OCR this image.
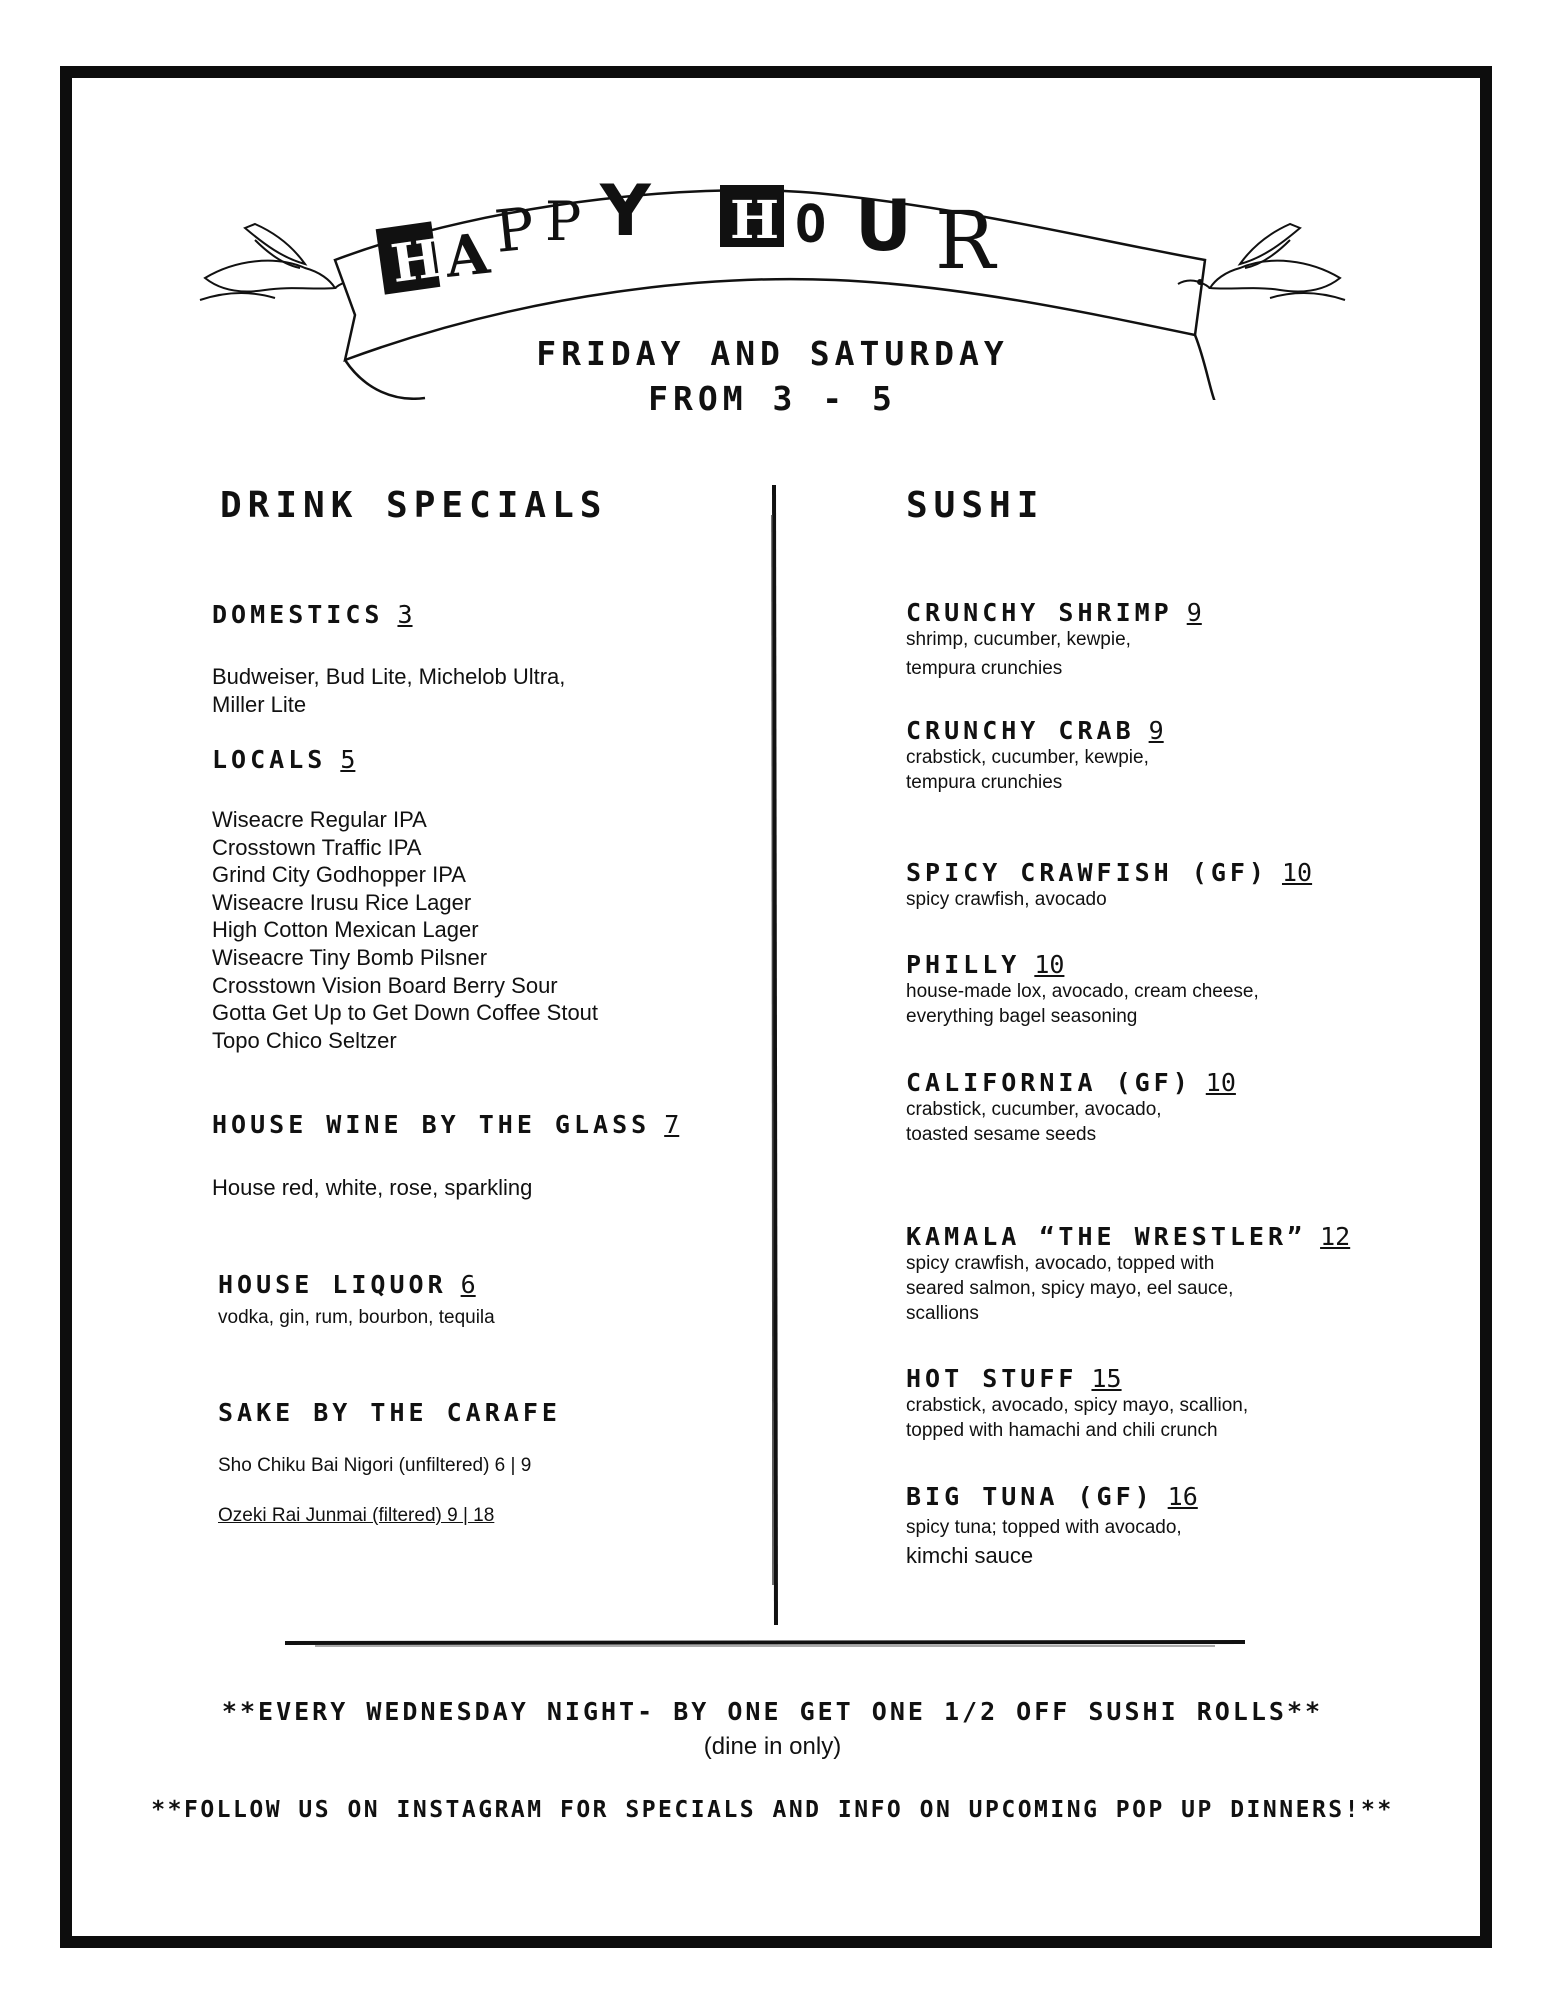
H
A P P Y H O U R
FRIDAY AND SATURDAY
FROM 3 - 5
DRINK SPECIALS
DOMESTICS 3
Budweiser, Bud Lite, Michelob Ultra,
Miller Lite
LOCALS 5
Wiseacre Regular IPA
Crosstown Traffic IPA
Grind City Godhopper IPA
Wiseacre Irusu Rice Lager
High Cotton Mexican Lager
Wiseacre Tiny Bomb Pilsner
Crosstown Vision Board Berry Sour
Gotta Get Up to Get Down Coffee Stout
Topo Chico Seltzer
HOUSE WINE BY THE GLASS 7
House red, white, rose, sparkling
HOUSE LIQUOR 6
vodka, gin, rum, bourbon, tequila
SAKE BY THE CARAFE
Sho Chiku Bai Nigori (unfiltered) 6 | 9
Ozeki Rai Junmai (filtered) 9 | 18
SUSHI
CRUNCHY SHRIMP 9
shrimp, cucumber, kewpie,
tempura crunchies
CRUNCHY CRAB 9
crabstick, cucumber, kewpie,
tempura crunchies
SPICY CRAWFISH (GF) 10
spicy crawfish, avocado
PHILLY 10
house-made lox, avocado, cream cheese,
everything bagel seasoning
CALIFORNIA (GF) 10
crabstick, cucumber, avocado,
toasted sesame seeds
KAMALA “THE WRESTLER” 12
spicy crawfish, avocado, topped with
seared salmon, spicy mayo, eel sauce,
scallions
HOT STUFF 15
crabstick, avocado, spicy mayo, scallion,
topped with hamachi and chili crunch
BIG TUNA (GF) 16
spicy tuna; topped with avocado,
kimchi sauce
**EVERY WEDNESDAY NIGHT- BY ONE GET ONE 1/2 OFF SUSHI ROLLS**
(dine in only)
**FOLLOW US ON INSTAGRAM FOR SPECIALS AND INFO ON UPCOMING POP UP DINNERS!**
